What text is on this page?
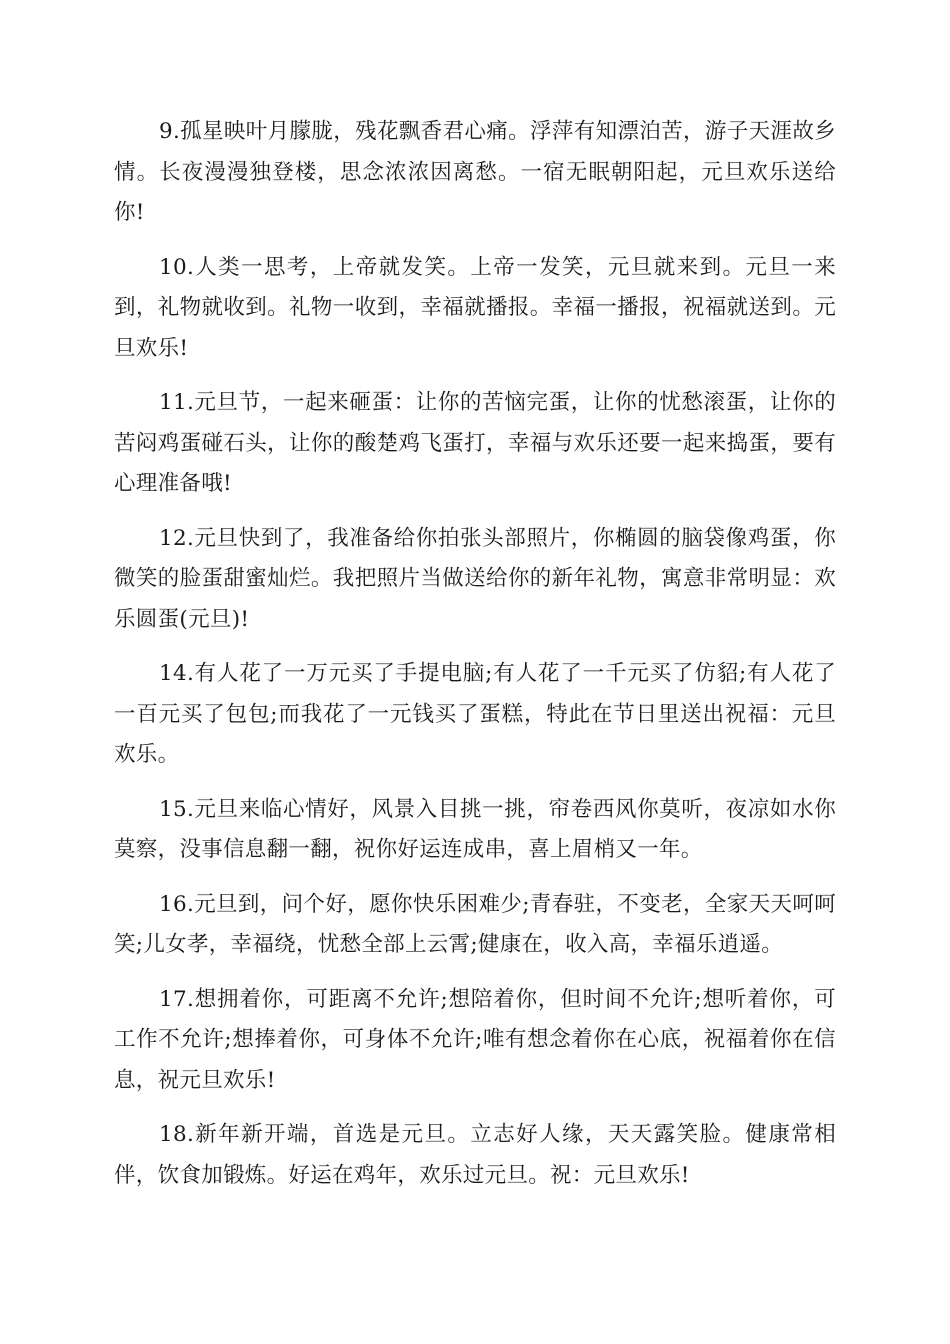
9.孤星映叶月朦胧，残花飘香君心痛。浮萍有知漂泊苦，游子天涯故乡情。长夜漫漫独登楼，思念浓浓因离愁。一宿无眠朝阳起，元旦欢乐送给你!

10.人类一思考，上帝就发笑。上帝一发笑，元旦就来到。元旦一来到，礼物就收到。礼物一收到，幸福就播报。幸福一播报，祝福就送到。元旦欢乐!

11.元旦节，一起来砸蛋：让你的苦恼完蛋，让你的忧愁滚蛋，让你的苦闷鸡蛋碰石头，让你的酸楚鸡飞蛋打，幸福与欢乐还要一起来捣蛋，要有心理准备哦!

12.元旦快到了，我准备给你拍张头部照片，你椭圆的脑袋像鸡蛋，你微笑的脸蛋甜蜜灿烂。我把照片当做送给你的新年礼物，寓意非常明显：欢乐圆蛋(元旦)!

14.有人花了一万元买了手提电脑;有人花了一千元买了仿貂;有人花了一百元买了包包;而我花了一元钱买了蛋糕，特此在节日里送出祝福：元旦欢乐。

15.元旦来临心情好，风景入目挑一挑，帘卷西风你莫听，夜凉如水你莫察，没事信息翻一翻，祝你好运连成串，喜上眉梢又一年。

16.元旦到，问个好，愿你快乐困难少;青春驻，不变老，全家天天呵呵笑;儿女孝，幸福绕，忧愁全部上云霄;健康在，收入高，幸福乐逍遥。

17.想拥着你，可距离不允许;想陪着你，但时间不允许;想听着你，可工作不允许;想捧着你，可身体不允许;唯有想念着你在心底，祝福着你在信息，祝元旦欢乐!

18.新年新开端，首选是元旦。立志好人缘，天天露笑脸。健康常相伴，饮食加锻炼。好运在鸡年，欢乐过元旦。祝：元旦欢乐!
